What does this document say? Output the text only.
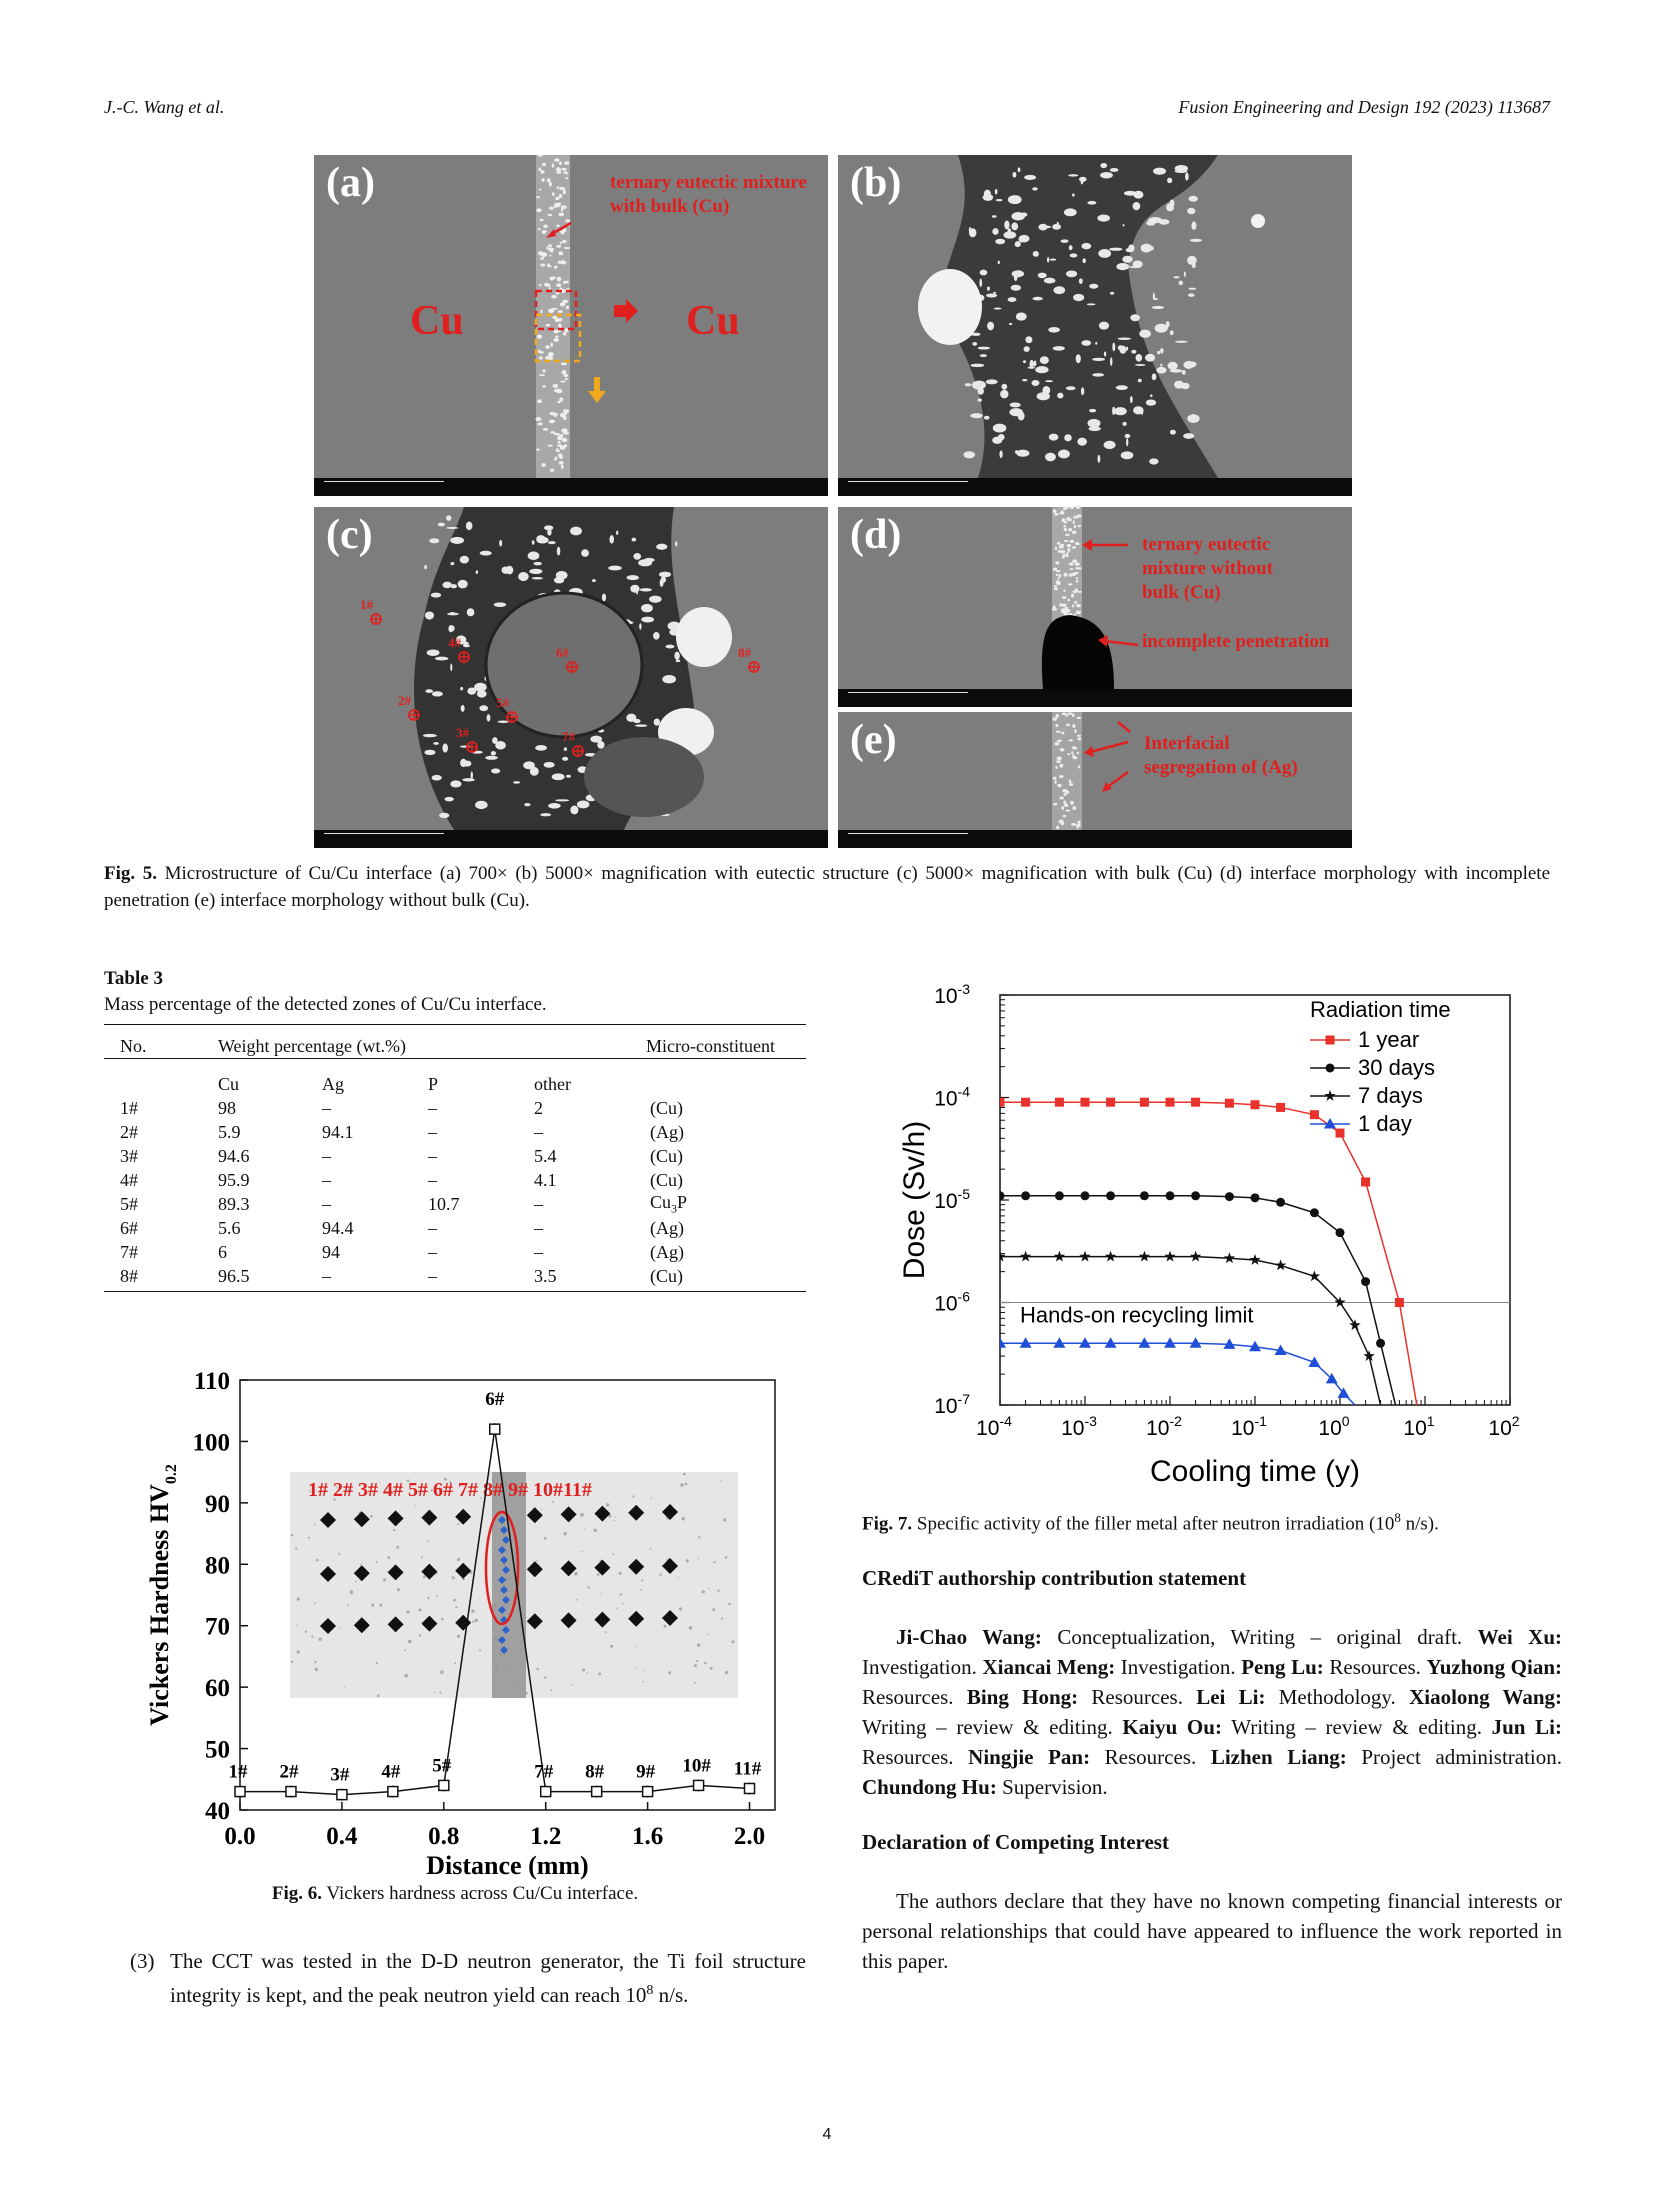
J.-C. Wang et al.	Fusion Engineering and Design 192 (2023) 113687
(a)	ternary eutectic mixture with bulk (Cu)
Cu	Cu
(b)
(c)
1#
2#
3#
4#
5#
6#
7#
8#
(d)	ternary eutectic mixture without bulk (Cu)
incomplete penetration
(e)	Interfacial segregation of (Ag)
Fig. 5. Microstructure of Cu/Cu interface (a) 700× (b) 5000× magnification with eutectic structure (c) 5000× magnification with bulk (Cu) (d) interface morphology with incomplete penetration (e) interface morphology without bulk (Cu).
Table 3
Mass percentage of the detected zones of Cu/Cu interface.
No.	Weight percentage (wt.%)	Micro-constituent
	Cu	Ag	P	other	
1#	98	–	–	2	(Cu)
2#	5.9	94.1	–	–	(Ag)
3#	94.6	–	–	5.4	(Cu)
4#	95.9	–	–	4.1	(Cu)
5#	89.3	–	10.7	–	$Cu_3P$
6#	5.6	94.4	–	–	(Ag)
7#	6	94	–	–	(Ag)
8#	96.5	–	–	3.5	(Cu)
1# 2# 3# 4# 5# 6# 7# 8# 9# 10#11#
0.0	0.4	0.8	1.2	1.6	2.0
40
50
60
70
80
90
100
110
Distance (mm)
Vickers Hardness $HV_{0.2}$
1# 2# 3# 4# 5#
6#
7# 8# 9# 10# 11#
Fig. 6. Vickers hardness across Cu/Cu interface.
(3) The CCT was tested in the D-D neutron generator, the Ti foil structure integrity is kept, and the peak neutron yield can reach $10^8$ n/s.
$10^{-4}$ $10^{-3}$ $10^{-2}$ $10^{-1}$ $10^0$	$10^1$	$10^2$
$10^{-7}$
$10^{-6}$
$10^{-5}$
$10^{-4}$
$10^{-3}$
Cooling time (y)
Dose (Sv/h)
Hands-on recycling limit
Radiation time
1 year
30 days
7 days
1 day
Fig. 7. Specific activity of the filler metal after neutron irradiation ($10^8$ n/s).
CRediT authorship contribution statement
Ji-Chao Wang: Conceptualization, Writing – original draft. Wei Xu: Investigation. Xiancai Meng: Investigation. Peng Lu: Resources. Yuzhong Qian: Resources. Bing Hong: Resources. Lei Li: Methodology. Xiaolong Wang: Writing – review & editing. Kaiyu Ou: Writing – review & editing. Jun Li: Resources. Ningjie Pan: Resources. Lizhen Liang: Project administration. Chundong Hu: Supervision.
Declaration of Competing Interest
The authors declare that they have no known competing financial interests or personal relationships that could have appeared to influence the work reported in this paper.
4
